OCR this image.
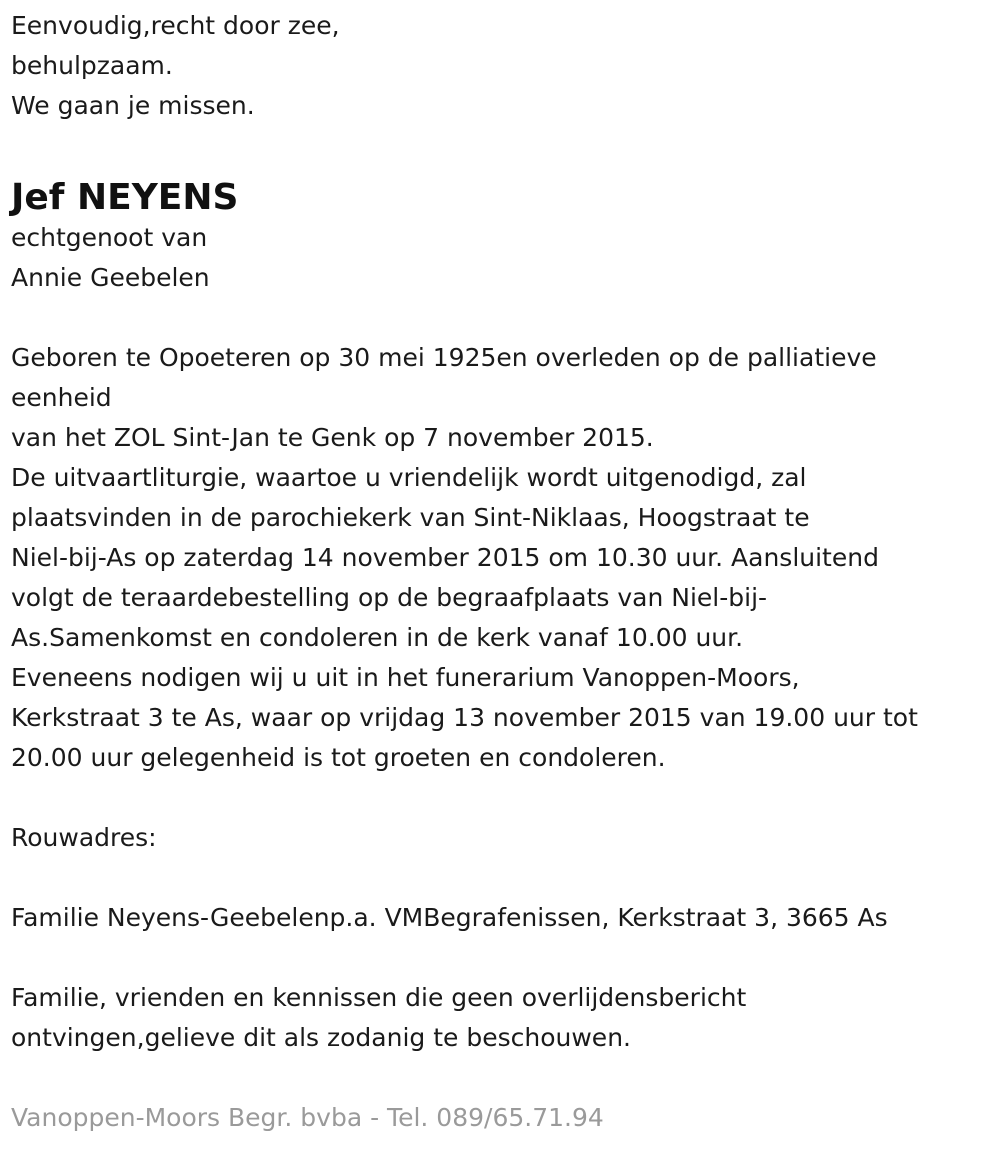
Eenvoudig,recht door zee,
behulpzaam.
We gaan je missen.
Jef NEYENS
echtgenoot van
Annie Geebelen
Geboren te Opoeteren op 30 mei 1925en overleden op de palliatieve
eenheid
van het ZOL Sint-Jan te Genk op 7 november 2015.
De uitvaartliturgie, waartoe u vriendelijk wordt uitgenodigd, zal
plaatsvinden in de parochiekerk van Sint-Niklaas, Hoogstraat te
Niel-bij-As op zaterdag 14 november 2015 om 10.30 uur. Aansluitend
volgt de teraardebestelling op de begraafplaats van Niel-bij-
As.Samenkomst en condoleren in de kerk vanaf 10.00 uur.
Eveneens nodigen wij u uit in het funerarium Vanoppen-Moors,
Kerkstraat 3 te As, waar op vrijdag 13 november 2015 van 19.00 uur tot
20.00 uur gelegenheid is tot groeten en condoleren.
Rouwadres:
Familie Neyens-Geebelenp.a. VMBegrafenissen, Kerkstraat 3, 3665 As
Familie, vrienden en kennissen die geen overlijdensbericht
ontvingen,gelieve dit als zodanig te beschouwen.
Vanoppen-Moors Begr. bvba - Tel. 089/65.71.94
